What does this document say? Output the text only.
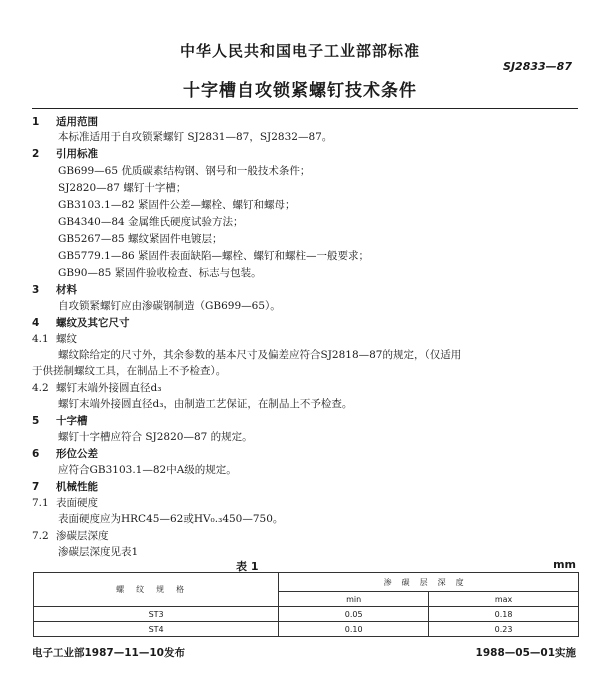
中华人民共和国电子工业部部标准
SJ2833—87
十字槽自攻锁紧螺钉技术条件
1 适用范围
本标准适用于自攻锁紧螺钉 SJ2831—87，SJ2832—87。
2 引用标准
GB699—65 优质碳素结构钢、钢号和一般技术条件；
SJ2820—87 螺钉十字槽；
GB3103.1—82 紧固件公差—螺栓、螺钉和螺母；
GB4340—84 金属维氏硬度试验方法；
GB5267—85 螺纹紧固件电镀层；
GB5779.1—86 紧固件表面缺陷—螺栓、螺钉和螺柱—一般要求；
GB90—85 紧固件验收检查、标志与包装。
3 材料
自攻锁紧螺钉应由渗碳钢制造（GB699—65）。
4 螺纹及其它尺寸
4.1 螺纹
螺纹除给定的尺寸外，其余参数的基本尺寸及偏差应符合SJ2818—87的规定，（仅适用
于供搓制螺纹工具，在制品上不予检查）。
4.2 螺钉末端外接圆直径d₃
螺钉末端外接圆直径d₃，由制造工艺保证，在制品上不予检查。
5 十字槽
螺钉十字槽应符合 SJ2820—87 的规定。
6 形位公差
应符合GB3103.1—82中A级的规定。
7 机械性能
7.1 表面硬度
表面硬度应为HRC45—62或HV₀.₃450—750。
7.2 渗碳层深度
渗碳层深度见表1
表 1	mm
螺纹规格	渗碳层深度	
	min	max
ST3	0.05	0.18
ST4	0.10	0.23
电子工业部1987—11—10发布	1988—05—01实施
